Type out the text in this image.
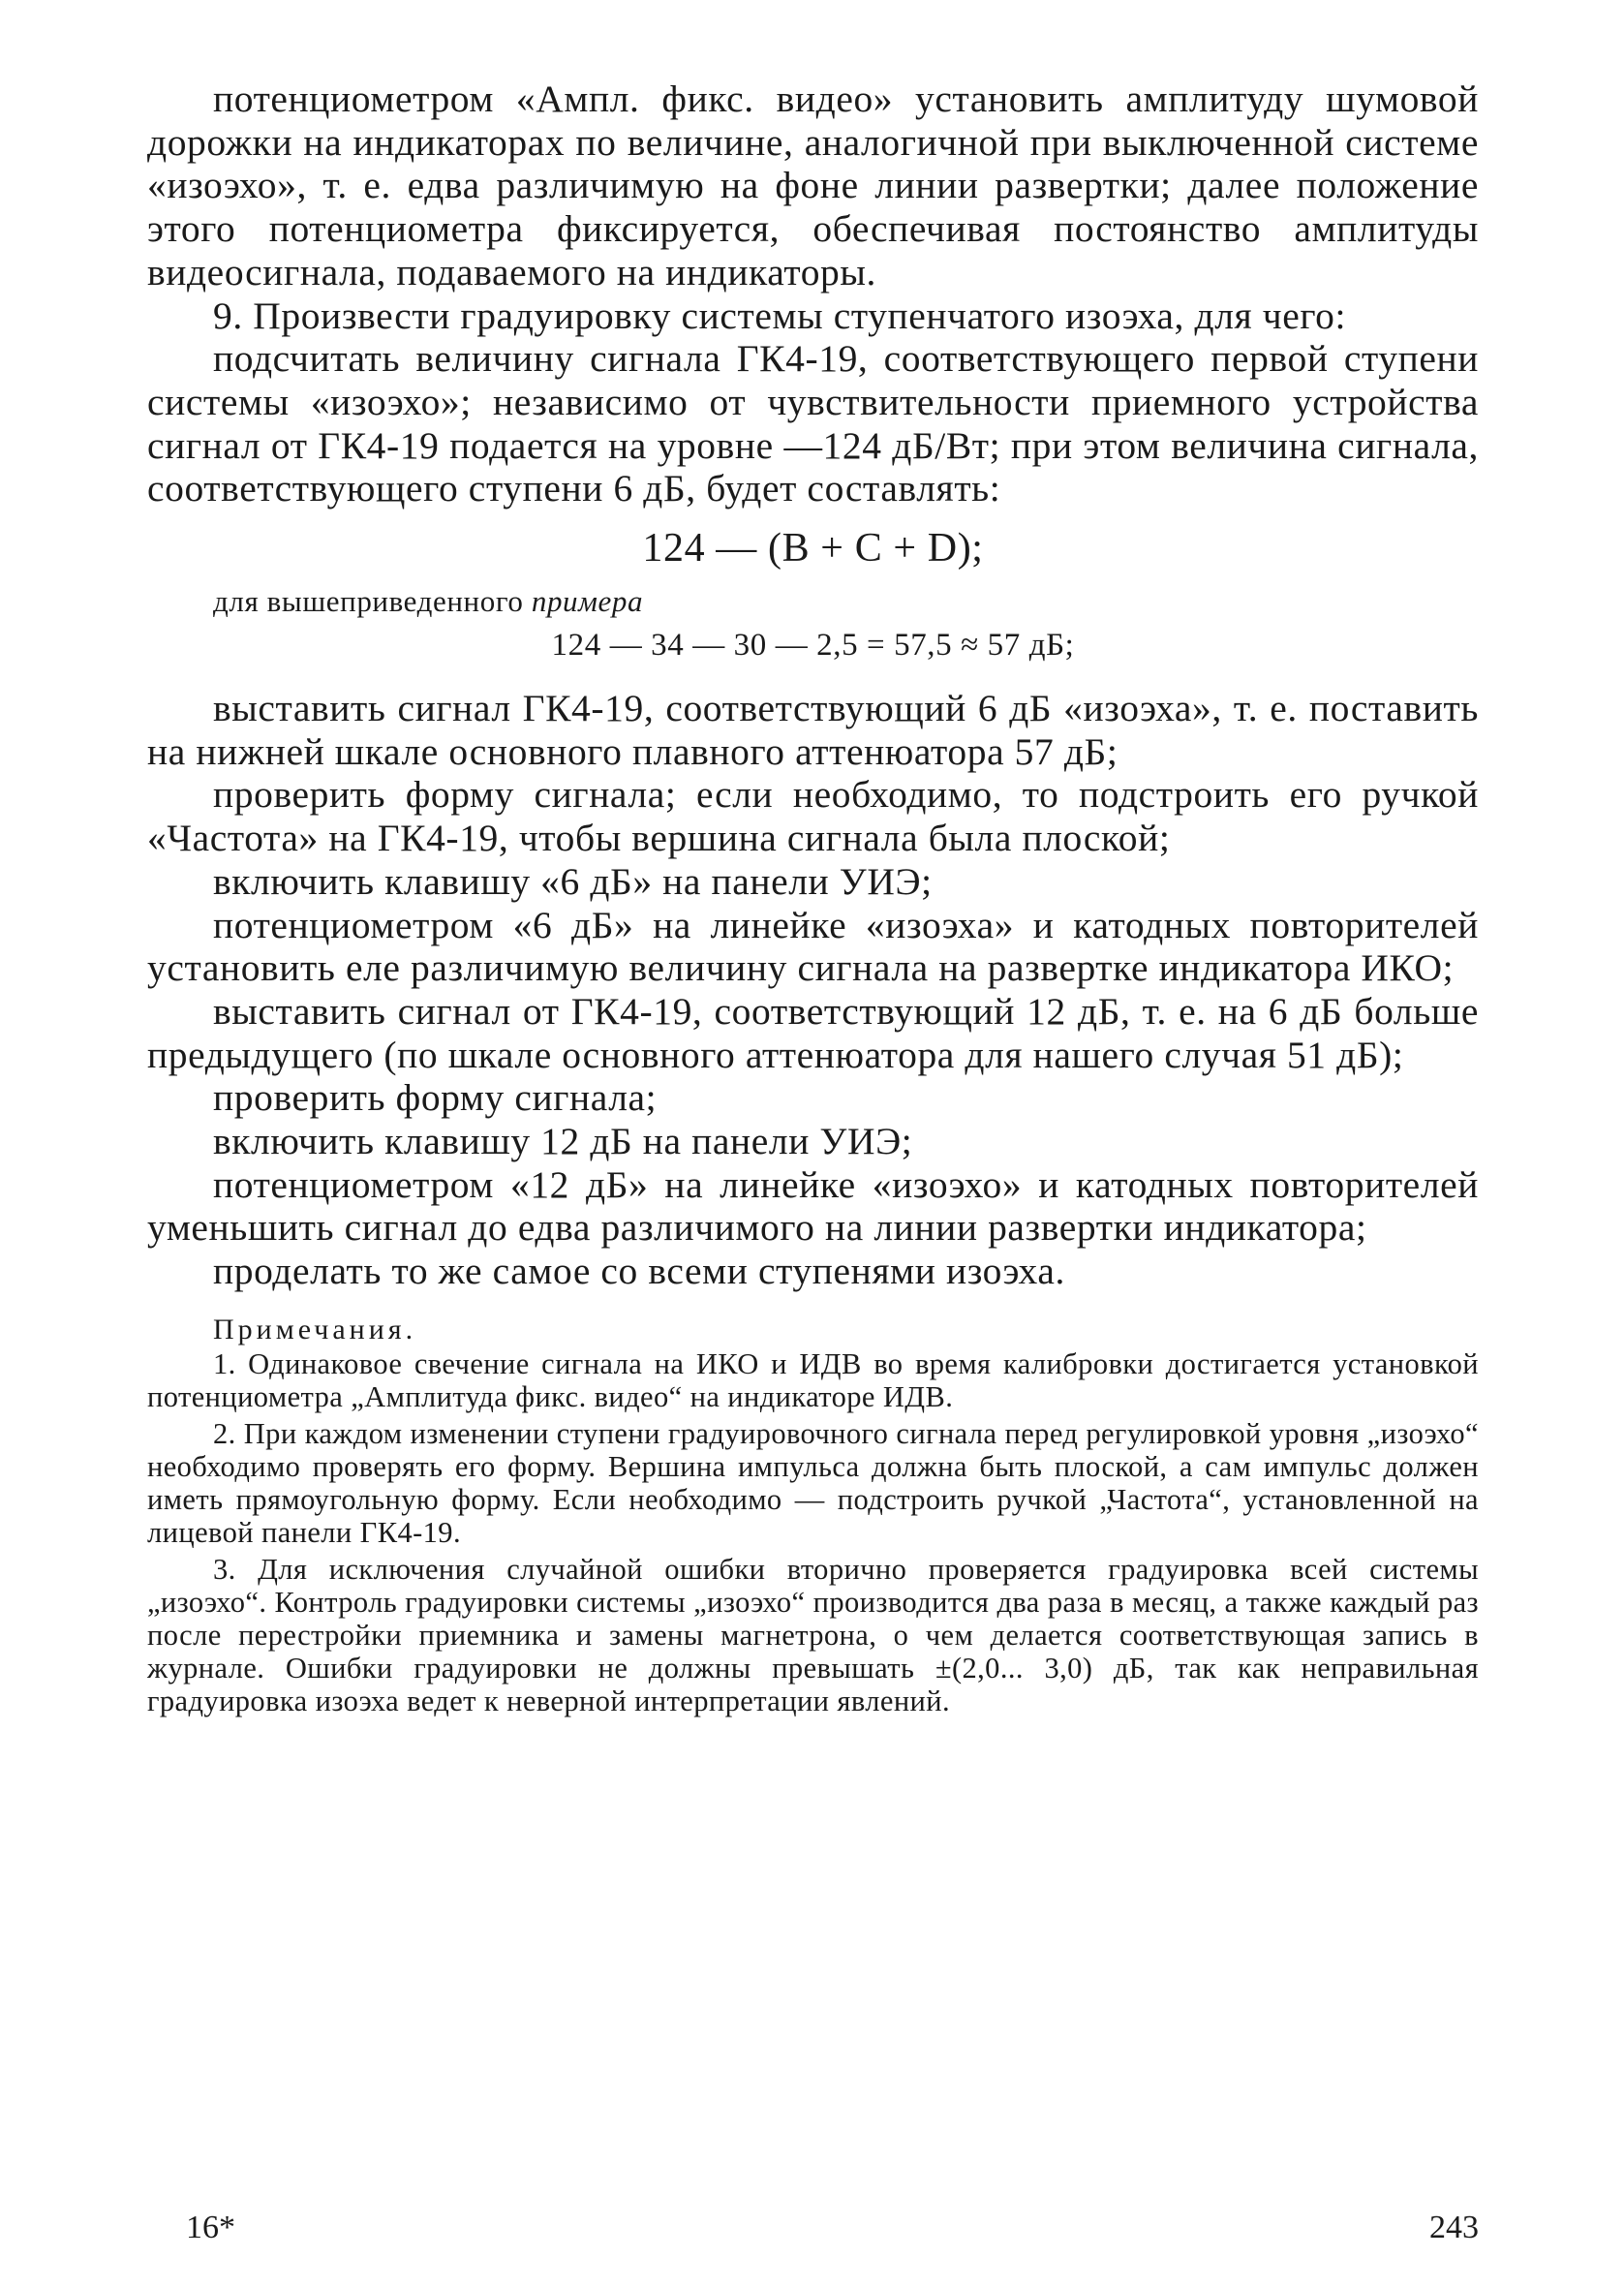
потенциометром «Ампл. фикс. видео» установить амплитуду шумовой дорожки на индикаторах по величине, аналогичной при выключенной системе «изоэхо», т. е. едва различимую на фоне линии развертки; далее положение этого потенциометра фиксируется, обеспечивая постоянство амплитуды видеосигнала, подаваемого на индикаторы.

9. Произвести градуировку системы ступенчатого изоэха, для чего:

подсчитать величину сигнала ГК4-19, соответствующего первой ступени системы «изоэхо»; независимо от чувствительности приемного устройства сигнал от ГК4-19 подается на уровне —124 дБ/Вт; при этом величина сигнала, соответствующего ступени 6 дБ, будет составлять:

124 — (B + C + D);

для вышеприведенного примера

124 — 34 — 30 — 2,5 = 57,5 ≈ 57 дБ;

выставить сигнал ГК4-19, соответствующий 6 дБ «изоэха», т. е. поставить на нижней шкале основного плавного аттенюатора 57 дБ;

проверить форму сигнала; если необходимо, то подстроить его ручкой «Частота» на ГК4-19, чтобы вершина сигнала была плоской;

включить клавишу «6 дБ» на панели УИЭ;

потенциометром «6 дБ» на линейке «изоэха» и катодных повторителей установить еле различимую величину сигнала на развертке индикатора ИКО;

выставить сигнал от ГК4-19, соответствующий 12 дБ, т. е. на 6 дБ больше предыдущего (по шкале основного аттенюатора для нашего случая 51 дБ);

проверить форму сигнала;

включить клавишу 12 дБ на панели УИЭ;

потенциометром «12 дБ» на линейке «изоэхо» и катодных повторителей уменьшить сигнал до едва различимого на линии развертки индикатора;

проделать то же самое со всеми ступенями изоэха.

Примечания.

1. Одинаковое свечение сигнала на ИКО и ИДВ во время калибровки достигается установкой потенциометра „Амплитуда фикс. видео“ на индикаторе ИДВ.

2. При каждом изменении ступени градуировочного сигнала перед регулировкой уровня „изоэхо“ необходимо проверять его форму. Вершина импульса должна быть плоской, а сам импульс должен иметь прямоугольную форму. Если необходимо — подстроить ручкой „Частота“, установленной на лицевой панели ГК4-19.

3. Для исключения случайной ошибки вторично проверяется градуировка всей системы „изоэхо“. Контроль градуировки системы „изоэхо“ производится два раза в месяц, а также каждый раз после перестройки приемника и замены магнетрона, о чем делается соответствующая запись в журнале. Ошибки градуировки не должны превышать ±(2,0... 3,0) дБ, так как неправильная градуировка изоэха ведет к неверной интерпретации явлений.

16*	243
